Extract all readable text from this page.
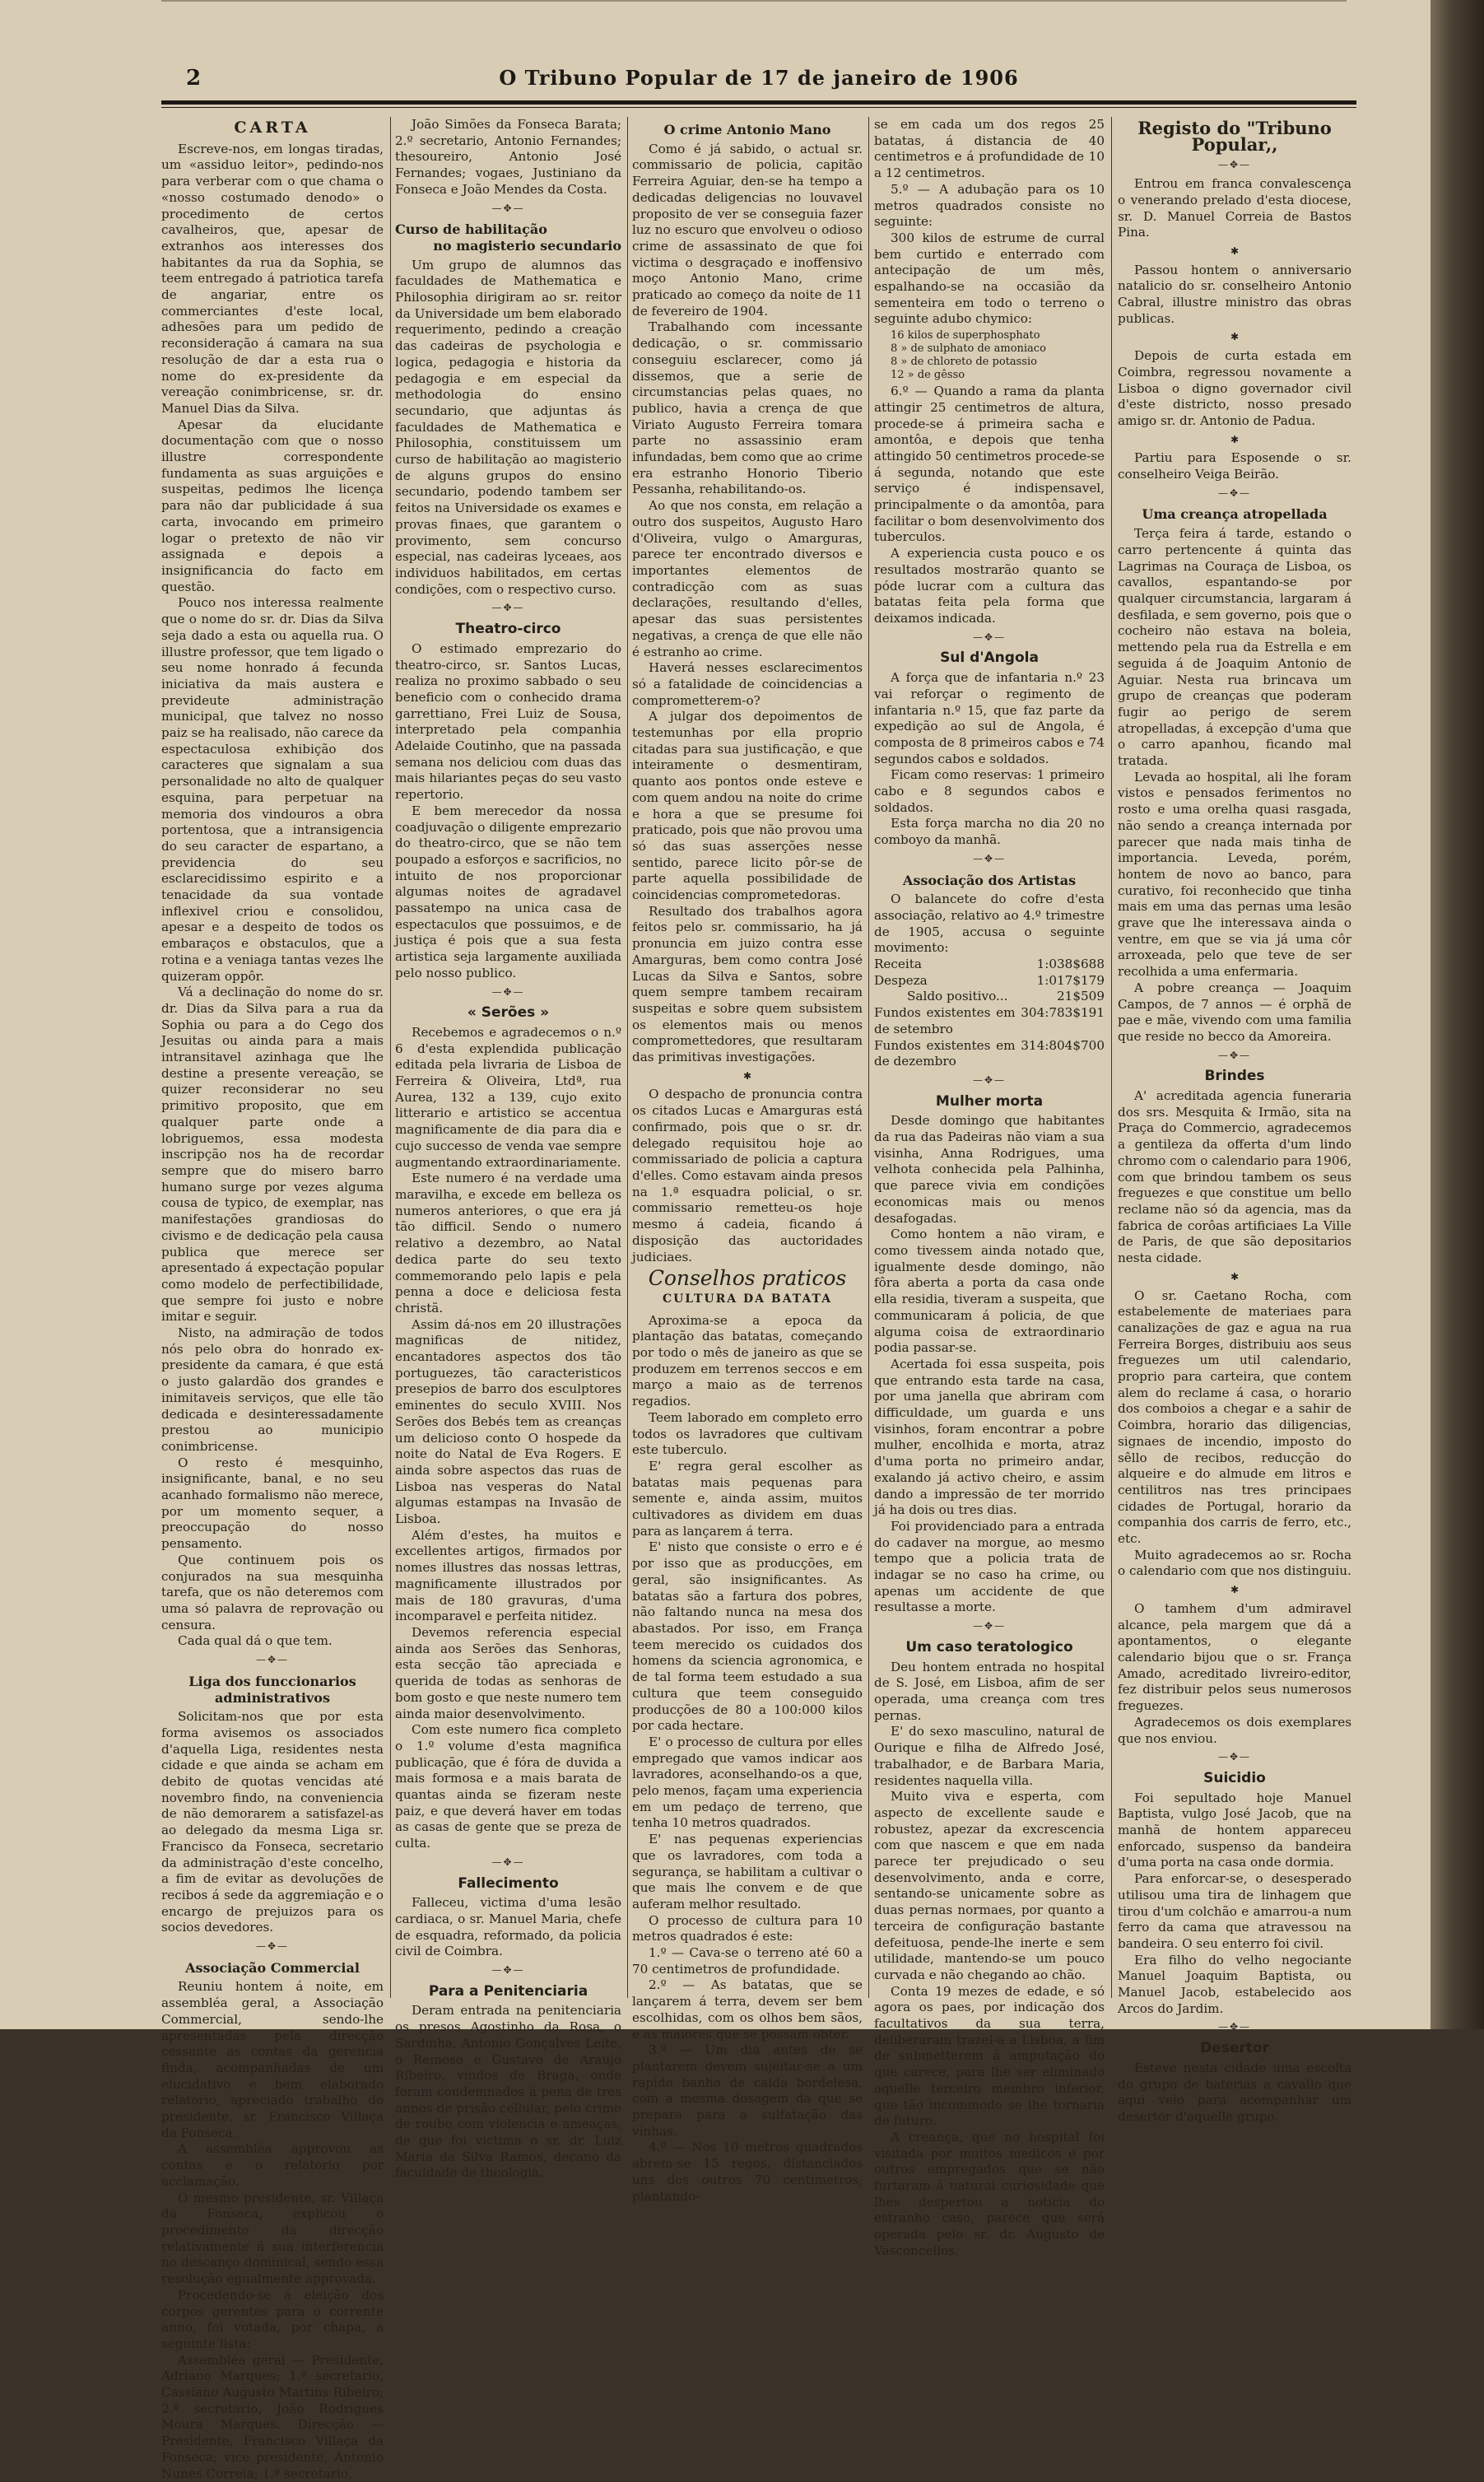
2	O Tribuno Popular de 17 de janeiro de 1906
CARTA

Escreve-nos, em longas tiradas, um «assiduo leitor», pedindo-nos para verberar com o que chama o «nosso costumado denodo» o procedimento de certos cavalheiros, que, apesar de extranhos aos interesses dos habitantes da rua da Sophia, se teem entregado á patriotica tarefa de angariar, entre os commerciantes d'este local, adhesões para um pedido de reconsideração á camara na sua resolução de dar a esta rua o nome do ex-presidente da vereação conimbricense, sr. dr. Manuel Dias da Silva.

Apesar da elucidante documentação com que o nosso illustre correspondente fundamenta as suas arguições e suspeitas, pedimos lhe licença para não dar publicidade á sua carta, invocando em primeiro logar o pretexto de não vir assignada e depois a insignificancia do facto em questão.

Pouco nos interessa realmente que o nome do sr. dr. Dias da Silva seja dado a esta ou aquella rua. O illustre professor, que tem ligado o seu nome honrado á fecunda iniciativa da mais austera e prevideute administração municipal, que talvez no nosso paiz se ha realisado, não carece da espectaculosa exhibição dos caracteres que signalam a sua personalidade no alto de qualquer esquina, para perpetuar na memoria dos vindouros a obra portentosa, que a intransigencia do seu caracter de espartano, a previdencia do seu esclarecidissimo espirito e a tenacidade da sua vontade inflexivel criou e consolidou, apesar e a despeito de todos os embaraços e obstaculos, que a rotina e a veniaga tantas vezes lhe quizeram oppôr.

Vá a declinação do nome do sr. dr. Dias da Silva para a rua da Sophia ou para a do Cego dos Jesuitas ou ainda para a mais intransitavel azinhaga que lhe destine a presente vereação, se quizer reconsiderar no seu primitivo proposito, que em qualquer parte onde a lobriguemos, essa modesta inscripção nos ha de recordar sempre que do misero barro humano surge por vezes alguma cousa de typico, de exemplar, nas manifestações grandiosas do civismo e de dedicação pela causa publica que merece ser apresentado á expectação popular como modelo de perfectibilidade, que sempre foi justo e nobre imitar e seguir.

Nisto, na admiração de todos nós pelo obra do honrado ex-presidente da camara, é que está o justo galardão dos grandes e inimitaveis serviços, que elle tão dedicada e desinteressadamente prestou ao municipio conimbricense.

O resto é mesquinho, insignificante, banal, e no seu acanhado formalismo não merece, por um momento sequer, a preoccupação do nosso pensamento.

Que continuem pois os conjurados na sua mesquinha tarefa, que os não deteremos com uma só palavra de reprovação ou censura.

Cada qual dá o que tem.

—✥—
Liga dos funccionarios administrativos

Solicitam-nos que por esta forma avisemos os associados d'aquella Liga, residentes nesta cidade e que ainda se acham em debito de quotas vencidas até novembro findo, na conveniencia de não demorarem a satisfazel-as ao delegado da mesma Liga sr. Francisco da Fonseca, secretario da administração d'este concelho, a fim de evitar as devoluções de recibos á sede da aggremiação e o encargo de prejuizos para os socios devedores.

—✥—
Associação Commercial

Reuniu hontem á noite, em assembléa geral, a Associação Commercial, sendo-lhe apresentadas pela direcção cessante as contas da gerencia finda, acompanhadas de um elucidativo e bem elaborado relatorio, apreciado trabalho do presidente, sr. Francisco Villaça da Fonseca.

A assembléa approvou as contas e o relatorio por acclamação.

O mesmo presidente, sr. Villaça da Fonseca, explicou o procedimento da direcção relativamente á sua interferencia no descanço dominical, sendo essa resolução egualmente approvada.

Procedendo-se á eleição dos corpos gerentes para o corrente anno, foi votada, por chapa, a seguinte lista:

Assembléa geral — Presidente, Adriano Marques; 1.º secretario, Cassiano Augusto Martins Ribeiro; 2.º secretario, João Rodrigues Moura Marques. Direcção — Presidente, Francisco Villaça da Fonseca; vice presidente, Antonio Nunes Correia; 1.º secretario,

João Simões da Fonseca Barata; 2.º secretario, Antonio Fernandes; thesoureiro, Antonio José Fernandes; vogaes, Justiniano da Fonseca e João Mendes da Costa.

—✥—
Curso de habilitação
no magisterio secundario

Um grupo de alumnos das faculdades de Mathematica e Philosophia dirigiram ao sr. reitor da Universidade um bem elaborado requerimento, pedindo a creação das cadeiras de psychologia e logica, pedagogia e historia da pedagogia e em especial da methodologia do ensino secundario, que adjuntas ás faculdades de Mathematica e Philosophia, constituissem um curso de habilitação ao magisterio de alguns grupos do ensino secundario, podendo tambem ser feitos na Universidade os exames e provas finaes, que garantem o provimento, sem concurso especial, nas cadeiras lyceaes, aos individuos habilitados, em certas condições, com o respectivo curso.

—✥—
Theatro-circo

O estimado emprezario do theatro-circo, sr. Santos Lucas, realiza no proximo sabbado o seu beneficio com o conhecido drama garrettiano, Frei Luiz de Sousa, interpretado pela companhia Adelaide Coutinho, que na passada semana nos deliciou com duas das mais hilariantes peças do seu vasto repertorio.

E bem merecedor da nossa coadjuvação o diligente emprezario do theatro-circo, que se não tem poupado a esforços e sacrificios, no intuito de nos proporcionar algumas noites de agradavel passatempo na unica casa de espectaculos que possuimos, e de justiça é pois que a sua festa artistica seja largamente auxiliada pelo nosso publico.

—✥—
« Serões »

Recebemos e agradecemos o n.º 6 d'esta explendida publicação editada pela livraria de Lisboa de Ferreira & Oliveira, Ltdª, rua Aurea, 132 a 139, cujo exito litterario e artistico se accentua magnificamente de dia para dia e cujo successo de venda vae sempre augmentando extraordinariamente.

Este numero é na verdade uma maravilha, e excede em belleza os numeros anteriores, o que era já tão difficil. Sendo o numero relativo a dezembro, ao Natal dedica parte do seu texto commemorando pelo lapis e pela penna a doce e deliciosa festa christã.

Assim dá-nos em 20 illustrações magnificas de nitidez, encantadores aspectos dos tão portuguezes, tão caracteristicos presepios de barro dos esculptores eminentes do seculo XVIII. Nos Serões dos Bebés tem as creanças um delicioso conto O hospede da noite do Natal de Eva Rogers. E ainda sobre aspectos das ruas de Lisboa nas vesperas do Natal algumas estampas na Invasão de Lisboa.

Além d'estes, ha muitos e excellentes artigos, firmados por nomes illustres das nossas lettras, magnificamente illustrados por mais de 180 gravuras, d'uma incomparavel e perfeita nitidez.

Devemos referencia especial ainda aos Serões das Senhoras, esta secção tão apreciada e querida de todas as senhoras de bom gosto e que neste numero tem ainda maior desenvolvimento.

Com este numero fica completo o 1.º volume d'esta magnifica publicação, que é fóra de duvida a mais formosa e a mais barata de quantas ainda se fizeram neste paiz, e que deverá haver em todas as casas de gente que se preza de culta.

—✥—
Fallecimento

Falleceu, victima d'uma lesão cardiaca, o sr. Manuel Maria, chefe de esquadra, reformado, da policia civil de Coimbra.

—✥—
Para a Penitenciaria

Deram entrada na penitenciaria os presos Agostinho da Rosa, o Sardinha, Antonio Gonçalves Leite, o Reinoso e Gustavo de Araujo Ribeiro, vindos de Braga, onde foram condemnados á pena de tres annos de prisão cellular, pelo crime de roubo com violencia e ameaças, de que foi victima o sr. dr. Luiz Maria da Silva Ramos, decano da faculdade de theologia.

O crime Antonio Mano

Como é já sabido, o actual sr. commissario de policia, capitão Ferreira Aguiar, den-se ha tempo a dedicadas deligencias no louvavel proposito de ver se conseguia fazer luz no escuro que envolveu o odioso crime de assassinato de que foi victima o desgraçado e inoffensivo moço Antonio Mano, crime praticado ao começo da noite de 11 de fevereiro de 1904.

Trabalhando com incessante dedicação, o sr. commissario conseguiu esclarecer, como já dissemos, que a serie de circumstancias pelas quaes, no publico, havia a crença de que Viriato Augusto Ferreira tomara parte no assassinio eram infundadas, bem como que ao crime era estranho Honorio Tiberio Pessanha, rehabilitando-os.

Ao que nos consta, em relação a outro dos suspeitos, Augusto Haro d'Oliveira, vulgo o Amarguras, parece ter encontrado diversos e importantes elementos de contradicção com as suas declarações, resultando d'elles, apesar das suas persistentes negativas, a crença de que elle não é estranho ao crime.

Haverá nesses esclarecimentos só a fatalidade de coincidencias a comprometterem-o?

A julgar dos depoimentos de testemunhas por ella proprio citadas para sua justificação, e que inteiramente o desmentiram, quanto aos pontos onde esteve e com quem andou na noite do crime e hora a que se presume foi praticado, pois que não provou uma só das suas asserções nesse sentido, parece licito pôr-se de parte aquella possibilidade de coincidencias comprometedoras.

Resultado dos trabalhos agora feitos pelo sr. commissario, ha já pronuncia em juizo contra esse Amarguras, bem como contra José Lucas da Silva e Santos, sobre quem sempre tambem recairam suspeitas e sobre quem subsistem os elementos mais ou menos compromettedores, que resultaram das primitivas investigações.

✱

O despacho de pronuncia contra os citados Lucas e Amarguras está confirmado, pois que o sr. dr. delegado requisitou hoje ao commissariado de policia a captura d'elles. Como estavam ainda presos na 1.ª esquadra policial, o sr. commissario remetteu-os hoje mesmo á cadeia, ficando á disposição das auctoridades judiciaes.

Conselhos praticos
CULTURA DA BATATA

Aproxima-se a epoca da plantação das batatas, começando por todo o mês de janeiro as que se produzem em terrenos seccos e em março a maio as de terrenos regadios.

Teem laborado em completo erro todos os lavradores que cultivam este tuberculo.

E' regra geral escolher as batatas mais pequenas para semente e, ainda assim, muitos cultivadores as dividem em duas para as lançarem á terra.

E' nisto que consiste o erro e é por isso que as producções, em geral, são insignificantes. As batatas são a fartura dos pobres, não faltando nunca na mesa dos abastados. Por isso, em França teem merecido os cuidados dos homens da sciencia agronomica, e de tal forma teem estudado a sua cultura que teem conseguido producções de 80 a 100:000 kilos por cada hectare.

E' o processo de cultura por elles empregado que vamos indicar aos lavradores, aconselhando-os a que, pelo menos, façam uma experiencia em um pedaço de terreno, que tenha 10 metros quadrados.

E' nas pequenas experiencias que os lavradores, com toda a segurança, se habilitam a cultivar o que mais lhe convem e de que auferam melhor resultado.

O processo de cultura para 10 metros quadrados é este:

1.º — Cava-se o terreno até 60 a 70 centimetros de profundidade.

2.º — As batatas, que se lançarem á terra, devem ser bem escolhidas, com os olhos bem sãos, e as maiores que se possam obter.

3.º — Um dia antes de se plantarem devem sujeitar-se a um rapido banho de calda bordelesa, com a mesma dosagem da que se prepara para a sulfatação das vinhas.

4.º — Nos 10 metros quadrados abrem-se 15 regos, distanciados uns dos outros 70 centimetros, plantando-

se em cada um dos regos 25 batatas, á distancia de 40 centimetros e á profundidade de 10 a 12 centimetros.

5.º — A adubação para os 10 metros quadrados consiste no seguinte:

300 kilos de estrume de curral bem curtido e enterrado com antecipação de um mês, espalhando-se na occasião da sementeira em todo o terreno o seguinte adubo chymico:

16 kilos de superphosphato
8 » de sulphato de amoniaco
8 » de chloreto de potassio
12 » de gêsso

6.º — Quando a rama da planta attingir 25 centimetros de altura, procede-se á primeira sacha e amontôa, e depois que tenha attingido 50 centimetros procede-se á segunda, notando que este serviço é indispensavel, principalmente o da amontôa, para facilitar o bom desenvolvimento dos tuberculos.

A experiencia custa pouco e os resultados mostrarão quanto se póde lucrar com a cultura das batatas feita pela forma que deixamos indicada.

—✥—
Sul d'Angola

A força que de infantaria n.º 23 vai reforçar o regimento de infantaria n.º 15, que faz parte da expedição ao sul de Angola, é composta de 8 primeiros cabos e 74 segundos cabos e soldados.

Ficam como reservas: 1 primeiro cabo e 8 segundos cabos e soldados.

Esta força marcha no dia 20 no comboyo da manhã.

—✥—
Associação dos Artistas

O balancete do cofre d'esta associação, relativo ao 4.º trimestre de 1905, accusa o seguinte movimento:

Receita	1:038$688
Despeza	1:017$179
Saldo positivo...	21$509
Fundos existentes em 30 de setembro
4:783$191
Fundos existentes em 31 de dezembro
4:804$700
—✥—
Mulher morta

Desde domingo que habitantes da rua das Padeiras não viam a sua visinha, Anna Rodrigues, uma velhota conhecida pela Palhinha, que parece vivia em condições economicas mais ou menos desafogadas.

Como hontem a não viram, e como tivessem ainda notado que, igualmente desde domingo, não fôra aberta a porta da casa onde ella residia, tiveram a suspeita, que communicaram á policia, de que alguma coisa de extraordinario podia passar-se.

Acertada foi essa suspeita, pois que entrando esta tarde na casa, por uma janella que abriram com difficuldade, um guarda e uns visinhos, foram encontrar a pobre mulher, encolhida e morta, atraz d'uma porta no primeiro andar, exalando já activo cheiro, e assim dando a impressão de ter morrido já ha dois ou tres dias.

Foi providenciado para a entrada do cadaver na morgue, ao mesmo tempo que a policia trata de indagar se no caso ha crime, ou apenas um accidente de que resultasse a morte.

—✥—
Um caso teratologico

Deu hontem entrada no hospital de S. José, em Lisboa, afim de ser operada, uma creança com tres pernas.

E' do sexo masculino, natural de Ourique e filha de Alfredo José, trabalhador, e de Barbara Maria, residentes naquella villa.

Muito viva e esperta, com aspecto de excellente saude e robustez, apezar da excrescencia com que nascem e que em nada parece ter prejudicado o seu desenvolvimento, anda e corre, sentando-se unicamente sobre as duas pernas normaes, por quanto a terceira de configuração bastante defeituosa, pende-lhe inerte e sem utilidade, mantendo-se um pouco curvada e não chegando ao chão.

Conta 19 mezes de edade, e só agora os paes, por indicação dos facultativos da sua terra, deliberaram trazel-a a Lisboa, a fim de submetterem á amputação do que carece, para lhe ser eliminado aquelle terceiro membro inferior, que tão incommodo se lhe tornaria de futuro.

A creança, que no hospital foi visitada por muitos medicos e por outros empregados que se não furtaram á natural curiosidade que lhes despertou a noticia do estranho caso, parece que será operada pelo sr. dr. Augusto de Vasconcellos.

Registo do "Tribuno Popular,,
—✥—

Entrou em franca convalescença o venerando prelado d'esta diocese, sr. D. Manuel Correia de Bastos Pina.

✱

Passou hontem o anniversario natalicio do sr. conselheiro Antonio Cabral, illustre ministro das obras publicas.

✱

Depois de curta estada em Coimbra, regressou novamente a Lisboa o digno governador civil d'este districto, nosso presado amigo sr. dr. Antonio de Padua.

✱

Partiu para Esposende o sr. conselheiro Veiga Beirão.

—✥—
Uma creança atropellada

Terça feira á tarde, estando o carro pertencente á quinta das Lagrimas na Couraça de Lisboa, os cavallos, espantando-se por qualquer circumstancia, largaram á desfilada, e sem governo, pois que o cocheiro não estava na boleia, mettendo pela rua da Estrella e em seguida á de Joaquim Antonio de Aguiar. Nesta rua brincava um grupo de creanças que poderam fugir ao perigo de serem atropelladas, á excepção d'uma que o carro apanhou, ficando mal tratada.

Levada ao hospital, ali lhe foram vistos e pensados ferimentos no rosto e uma orelha quasi rasgada, não sendo a creança internada por parecer que nada mais tinha de importancia. Leveda, porém, hontem de novo ao banco, para curativo, foi reconhecido que tinha mais em uma das pernas uma lesão grave que lhe interessava ainda o ventre, em que se via já uma côr arroxeada, pelo que teve de ser recolhida a uma enfermaria.

A pobre creança — Joaquim Campos, de 7 annos — é orphã de pae e mãe, vivendo com uma familia que reside no becco da Amoreira.

—✥—
Brindes

A' acreditada agencia funeraria dos srs. Mesquita & Irmão, sita na Praça do Commercio, agradecemos a gentileza da offerta d'um lindo chromo com o calendario para 1906, com que brindou tambem os seus freguezes e que constitue um bello reclame não só da agencia, mas da fabrica de corôas artificiaes La Ville de Paris, de que são depositarios nesta cidade.

✱

O sr. Caetano Rocha, com estabelemente de materiaes para canalizações de gaz e agua na rua Ferreira Borges, distribuiu aos seus freguezes um util calendario, proprio para carteira, que contem alem do reclame á casa, o horario dos comboios a chegar e a sahir de Coimbra, horario das diligencias, signaes de incendio, imposto do sêllo de recibos, reducção do alqueire e do almude em litros e centilitros nas tres principaes cidades de Portugal, horario da companhia dos carris de ferro, etc., etc.

Muito agradecemos ao sr. Rocha o calendario com que nos distinguiu.

✱

O tamhem d'um admiravel alcance, pela margem que dá a apontamentos, o elegante calendario bijou que o sr. França Amado, acreditado livreiro-editor, fez distribuir pelos seus numerosos freguezes.

Agradecemos os dois exemplares que nos enviou.

—✥—
Suicidio

Foi sepultado hoje Manuel Baptista, vulgo José Jacob, que na manhã de hontem appareceu enforcado, suspenso da bandeira d'uma porta na casa onde dormia.

Para enforcar-se, o desesperado utilisou uma tira de linhagem que tirou d'um colchão e amarrou-a num ferro da cama que atravessou na bandeira. O seu enterro foi civil.

Era filho do velho negociante Manuel Joaquim Baptista, ou Manuel Jacob, estabelecido aos Arcos do Jardim.

—✥—
Desertor

Esteve nesta cidade uma escolta do grupo de baterias a cavallo que aqui veio para acompanhar um desertor d'aquelle grupo.
